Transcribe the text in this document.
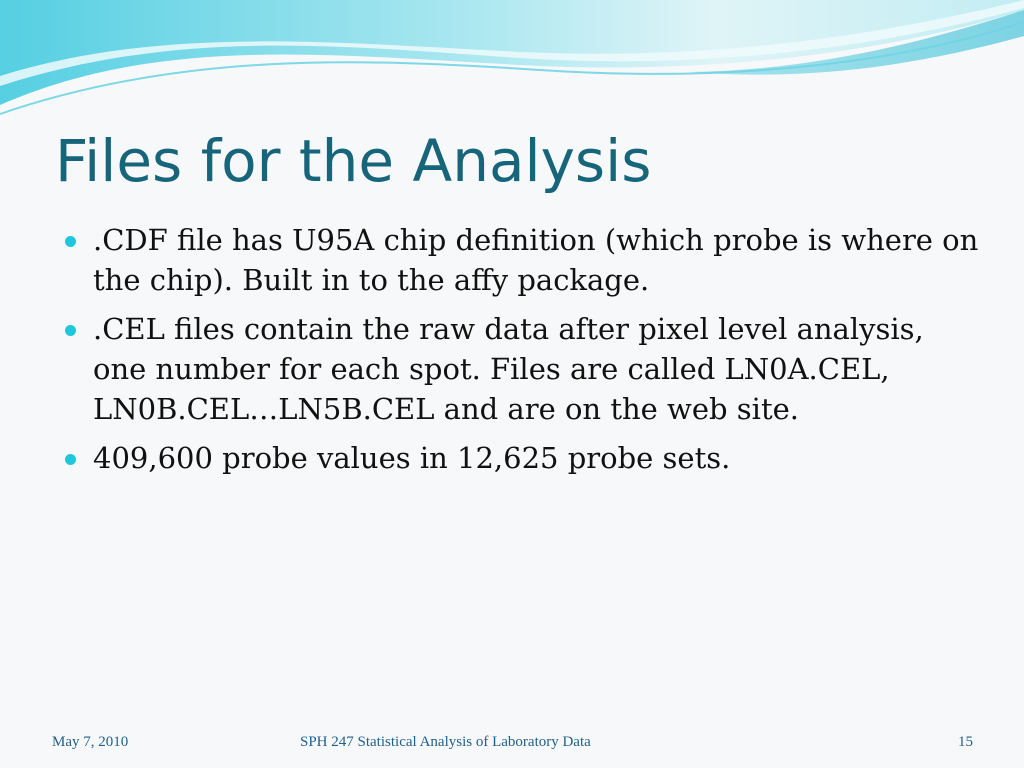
Files for the Analysis
.CDF file has U95A chip definition (which probe is where on the chip). Built in to the affy package.
.CEL files contain the raw data after pixel level analysis, one number for each spot. Files are called LN0A.CEL, LN0B.CEL…LN5B.CEL and are on the web site.
409,600 probe values in 12,625 probe sets.
May 7, 2010	SPH 247 Statistical Analysis of Laboratory Data	15
